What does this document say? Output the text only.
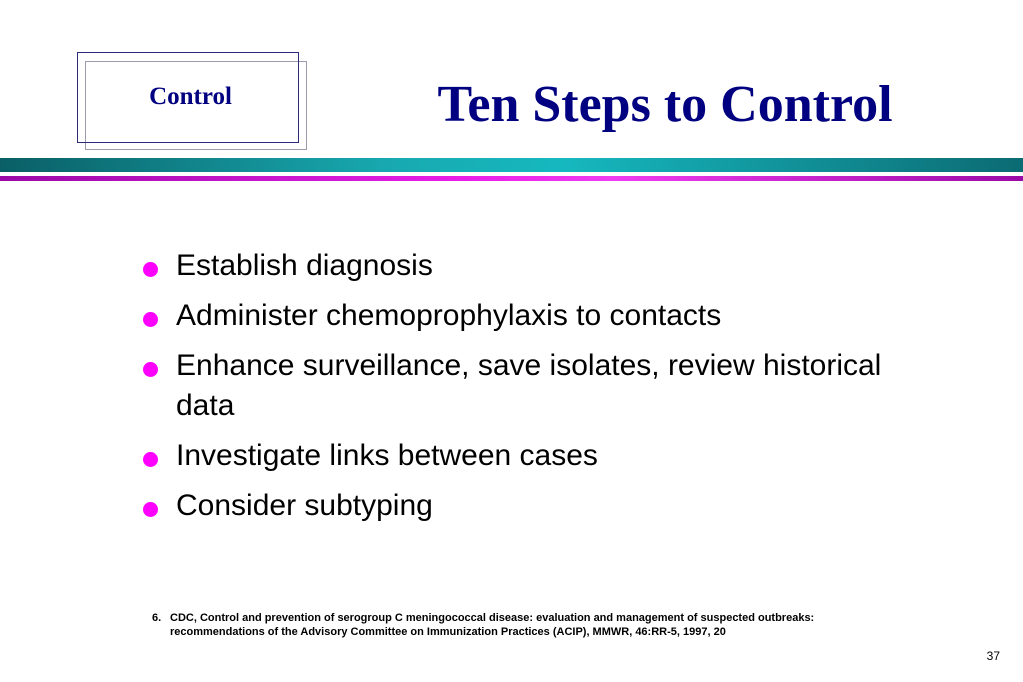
Control	Ten Steps to Control
Establish diagnosis
Administer chemoprophylaxis to contacts
Enhance surveillance, save isolates, review historical data
Investigate links between cases
Consider subtyping
6. CDC, Control and prevention of serogroup C meningococcal disease: evaluation and management of suspected outbreaks: recommendations of the Advisory Committee on Immunization Practices (ACIP), MMWR, 46:RR-5, 1997, 20
37
